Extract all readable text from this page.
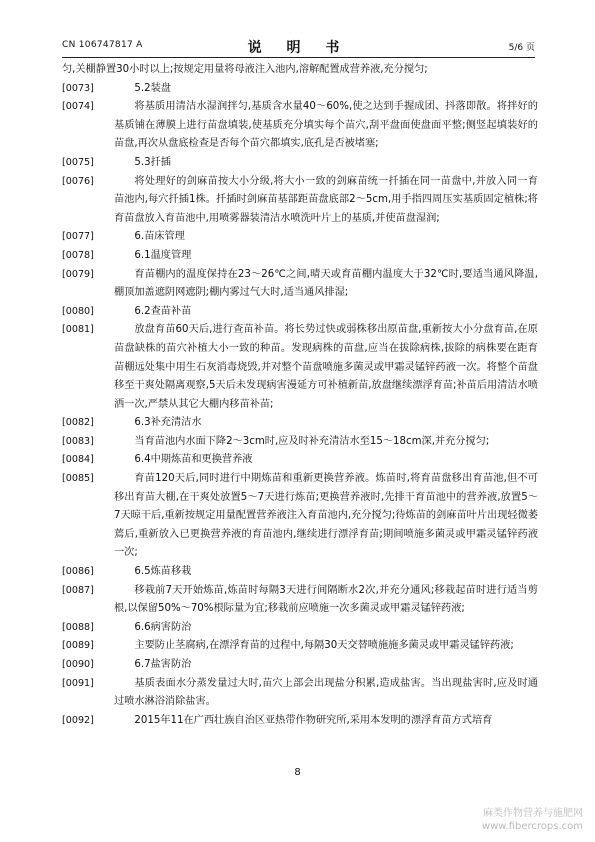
CN 106747817 A	说 明 书	5/6 页
匀,关棚静置30小时以上;按规定用量将母液注入池内,溶解配置成营养液,充分搅匀;
[0073]	5.2装盘
[0074]	将基质用清洁水湿润拌匀,基质含水量40～60%,使之达到手握成团、抖落即散。将拌好的基质铺在薄膜上进行苗盘填装,使基质充分填实每个苗穴,刮平盘面使盘面平整;侧竖起填装好的苗盘,再次从盘底检查是否每个苗穴都填实,底孔是否被堵塞;
[0075]	5.3扦插
[0076]	将处理好的剑麻苗按大小分级,将大小一致的剑麻苗统一扦插在同一苗盘中,并放入同一育苗池内,每穴扦插1株。扦插时剑麻苗基部距苗盘底部2～5cm,用手指四周压实基质固定植株;将育苗盘放入育苗池中,用喷雾器装清洁水喷洗叶片上的基质,并使苗盘湿润;
[0077]	6.苗床管理
[0078]	6.1温度管理
[0079]	育苗棚内的温度保持在23～26℃之间,晴天或育苗棚内温度大于32℃时,要适当通风降温,棚顶加盖遮阴网遮阴;棚内雾过气大时,适当通风排湿;
[0080]	6.2查苗补苗
[0081]	放盘育苗60天后,进行查苗补苗。将长势过快或弱株移出原苗盘,重新按大小分盘育苗,在原苗盘缺株的苗穴补植大小一致的种苗。发现病株的苗盘,应当在拔除病株,拔除的病株要在距育苗棚远处集中用生石灰消毒烧毁,并对整个苗盘喷施多菌灵或甲霜灵锰锌药液一次。将整个苗盘移至干爽处隔离观察,5天后未发现病害漫延方可补植新苗,放盘继续漂浮育苗;补苗后用清洁水喷洒一次,严禁从其它大棚内移苗补苗;
[0082]	6.3补充清洁水
[0083]	当育苗池内水面下降2～3cm时,应及时补充清洁水至15～18cm深,并充分搅匀;
[0084]	6.4中期炼苗和更换营养液
[0085]	育苗120天后,同时进行中期炼苗和重新更换营养液。炼苗时,将育苗盘移出育苗池,但不可移出育苗大棚,在干爽处放置5～7天进行炼苗;更换营养液时,先排干育苗池中的营养液,放置5～7天晾干后,重新按规定用量配置营养液注入育苗池内,充分搅匀;待炼苗的剑麻苗叶片出现轻微萎蔫后,重新放入已更换营养液的育苗池内,继续进行漂浮育苗;期间喷施多菌灵或甲霜灵锰锌药液一次;
[0086]	6.5炼苗移栽
[0087]	移栽前7天开始炼苗,炼苗时每隔3天进行间隔断水2次,并充分通风;移栽起苗时进行适当剪根,以保留50%～70%根际量为宜;移栽前应喷施一次多菌灵或甲霜灵锰锌药液;
[0088]	6.6病害防治
[0089]	主要防止茎腐病,在漂浮育苗的过程中,每隔30天交替喷施施多菌灵或甲霜灵锰锌药液;
[0090]	6.7盐害防治
[0091]	基质表面水分蒸发量过大时,苗穴上部会出现盐分积累,造成盐害。当出现盐害时,应及时通过喷水淋浴消除盐害。
[0092]	2015年11在广西壮族自治区亚热带作物研究所,采用本发明的漂浮育苗方式培育
8
麻类作物营养与施肥网
www.fibercrops.com
